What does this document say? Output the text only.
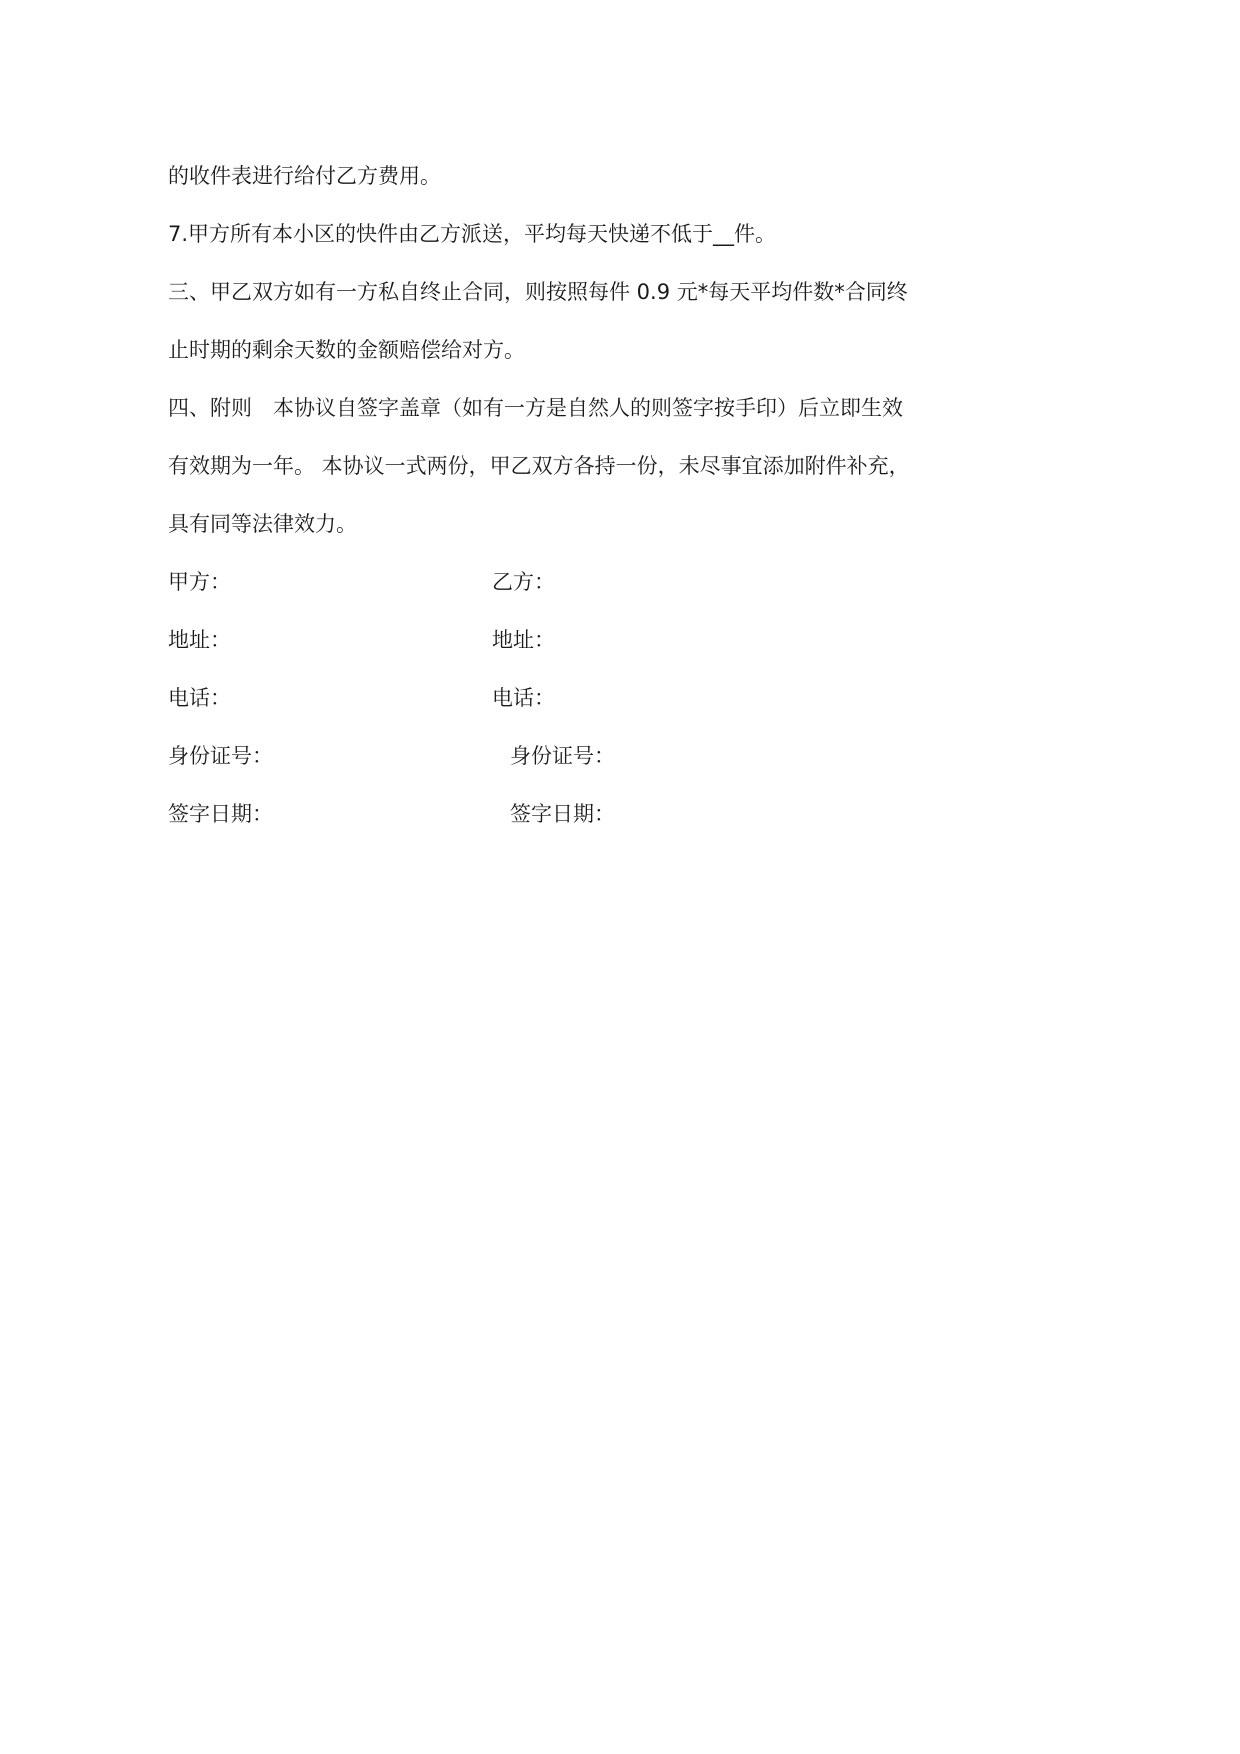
的收件表进行给付乙方费用。
7.甲方所有本小区的快件由乙方派送，平均每天快递不低于__件。
三、甲乙双方如有一方私自终止合同，则按照每件 0.9 元*每天平均件数*合同终
止时期的剩余天数的金额赔偿给对方。
四、附则　本协议自签字盖章（如有一方是自然人的则签字按手印）后立即生效
有效期为一年。 本协议一式两份，甲乙双方各持一份，未尽事宜添加附件补充，
具有同等法律效力。
甲方：	乙方：
地址：	地址：
电话：	电话：
身份证号：	身份证号：
签字日期：	签字日期：
